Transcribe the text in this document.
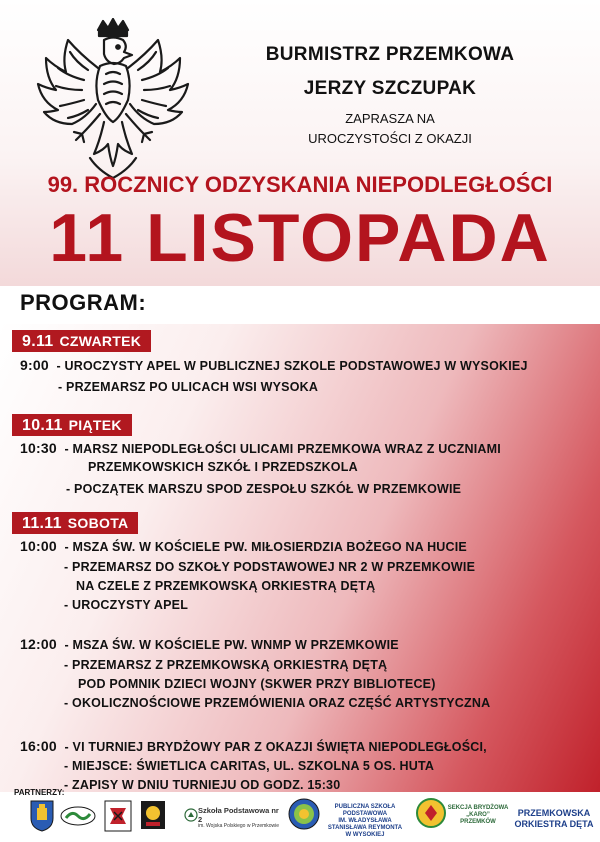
BURMISTRZ PRZEMKOWA
JERZY SZCZUPAK
ZAPRASZA NA
UROCZYSTOŚCI Z OKAZJI
99. ROCZNICY ODZYSKANIA NIEPODLEGŁOŚCI
11 LISTOPADA
PROGRAM:
9.11 CZWARTEK
9:00 - UROCZYSTY APEL W PUBLICZNEJ SZKOLE PODSTAWOWEJ W WYSOKIEJ
- PRZEMARSZ PO ULICACH WSI WYSOKA
10.11 PIĄTEK
10:30 - MARSZ NIEPODLEGŁOŚCI ULICAMI PRZEMKOWA WRAZ Z UCZNIAMI
PRZEMKOWSKICH SZKÓŁ I PRZEDSZKOLA
- POCZĄTEK MARSZU SPOD ZESPOŁU SZKÓŁ W PRZEMKOWIE
11.11 SOBOTA
10:00 - MSZA ŚW. W KOŚCIELE PW. MIŁOSIERDZIA BOŻEGO NA HUCIE
- PRZEMARSZ DO SZKOŁY PODSTAWOWEJ NR 2 W PRZEMKOWIE
NA CZELE Z PRZEMKOWSKĄ ORKIESTRĄ DĘTĄ
- UROCZYSTY APEL
12:00 - MSZA ŚW. W KOŚCIELE PW. WNMP W PRZEMKOWIE
- PRZEMARSZ Z PRZEMKOWSKĄ ORKIESTRĄ DĘTĄ
POD POMNIK DZIECI WOJNY (SKWER PRZY BIBLIOTECE)
- OKOLICZNOŚCIOWE PRZEMÓWIENIA ORAZ CZĘŚĆ ARTYSTYCZNA
16:00 - VI TURNIEJ BRYDŻOWY PAR Z OKAZJI ŚWIĘTA NIEPODLEGŁOŚCI,
- MIEJSCE: ŚWIETLICA CARITAS, UL. SZKOLNA 5 OS. HUTA
- ZAPISY W DNIU TURNIEJU OD GODZ. 15:30
PARTNERZY:
Szkoła Podstawowa nr 2
im. Wojska Polskiego w Przemkowie
PUBLICZNA SZKOŁA PODSTAWOWA
IM. WŁADYSŁAWA STANISŁAWA REYMONTA
W WYSOKIEJ
SEKCJA BRYDŻOWA „KARO”
PRZEMKÓW
PRZEMKOWSKA
ORKIESTRA DĘTA
